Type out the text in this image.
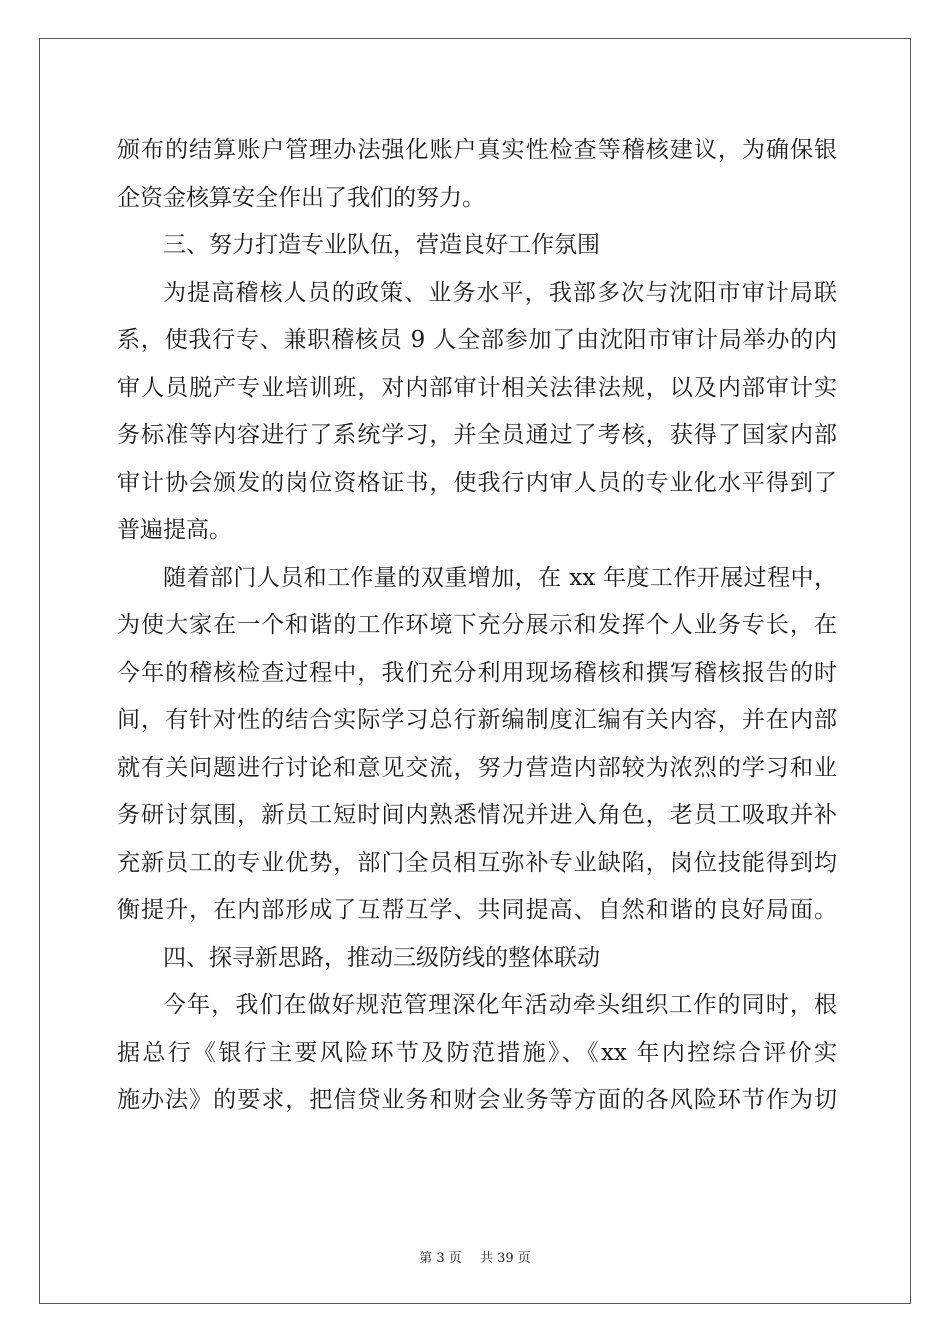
颁布的结算账户管理办法强化账户真实性检查等稽核建议，为确保银
企资金核算安全作出了我们的努力。
三、努力打造专业队伍，营造良好工作氛围
为提高稽核人员的政策、业务水平，我部多次与沈阳市审计局联
系，使我行专、兼职稽核员 9 人全部参加了由沈阳市审计局举办的内
审人员脱产专业培训班，对内部审计相关法律法规，以及内部审计实
务标准等内容进行了系统学习，并全员通过了考核，获得了国家内部
审计协会颁发的岗位资格证书，使我行内审人员的专业化水平得到了
普遍提高。
随着部门人员和工作量的双重增加，在 xx 年度工作开展过程中，
为使大家在一个和谐的工作环境下充分展示和发挥个人业务专长，在
今年的稽核检查过程中，我们充分利用现场稽核和撰写稽核报告的时
间，有针对性的结合实际学习总行新编制度汇编有关内容，并在内部
就有关问题进行讨论和意见交流，努力营造内部较为浓烈的学习和业
务研讨氛围，新员工短时间内熟悉情况并进入角色，老员工吸取并补
充新员工的专业优势，部门全员相互弥补专业缺陷，岗位技能得到均
衡提升，在内部形成了互帮互学、共同提高、自然和谐的良好局面。
四、探寻新思路，推动三级防线的整体联动
今年，我们在做好规范管理深化年活动牵头组织工作的同时，根
据总行《银行主要风险环节及防范措施》、《xx 年内控综合评价实
施办法》的要求，把信贷业务和财会业务等方面的各风险环节作为切
第 3 页 共 39 页
